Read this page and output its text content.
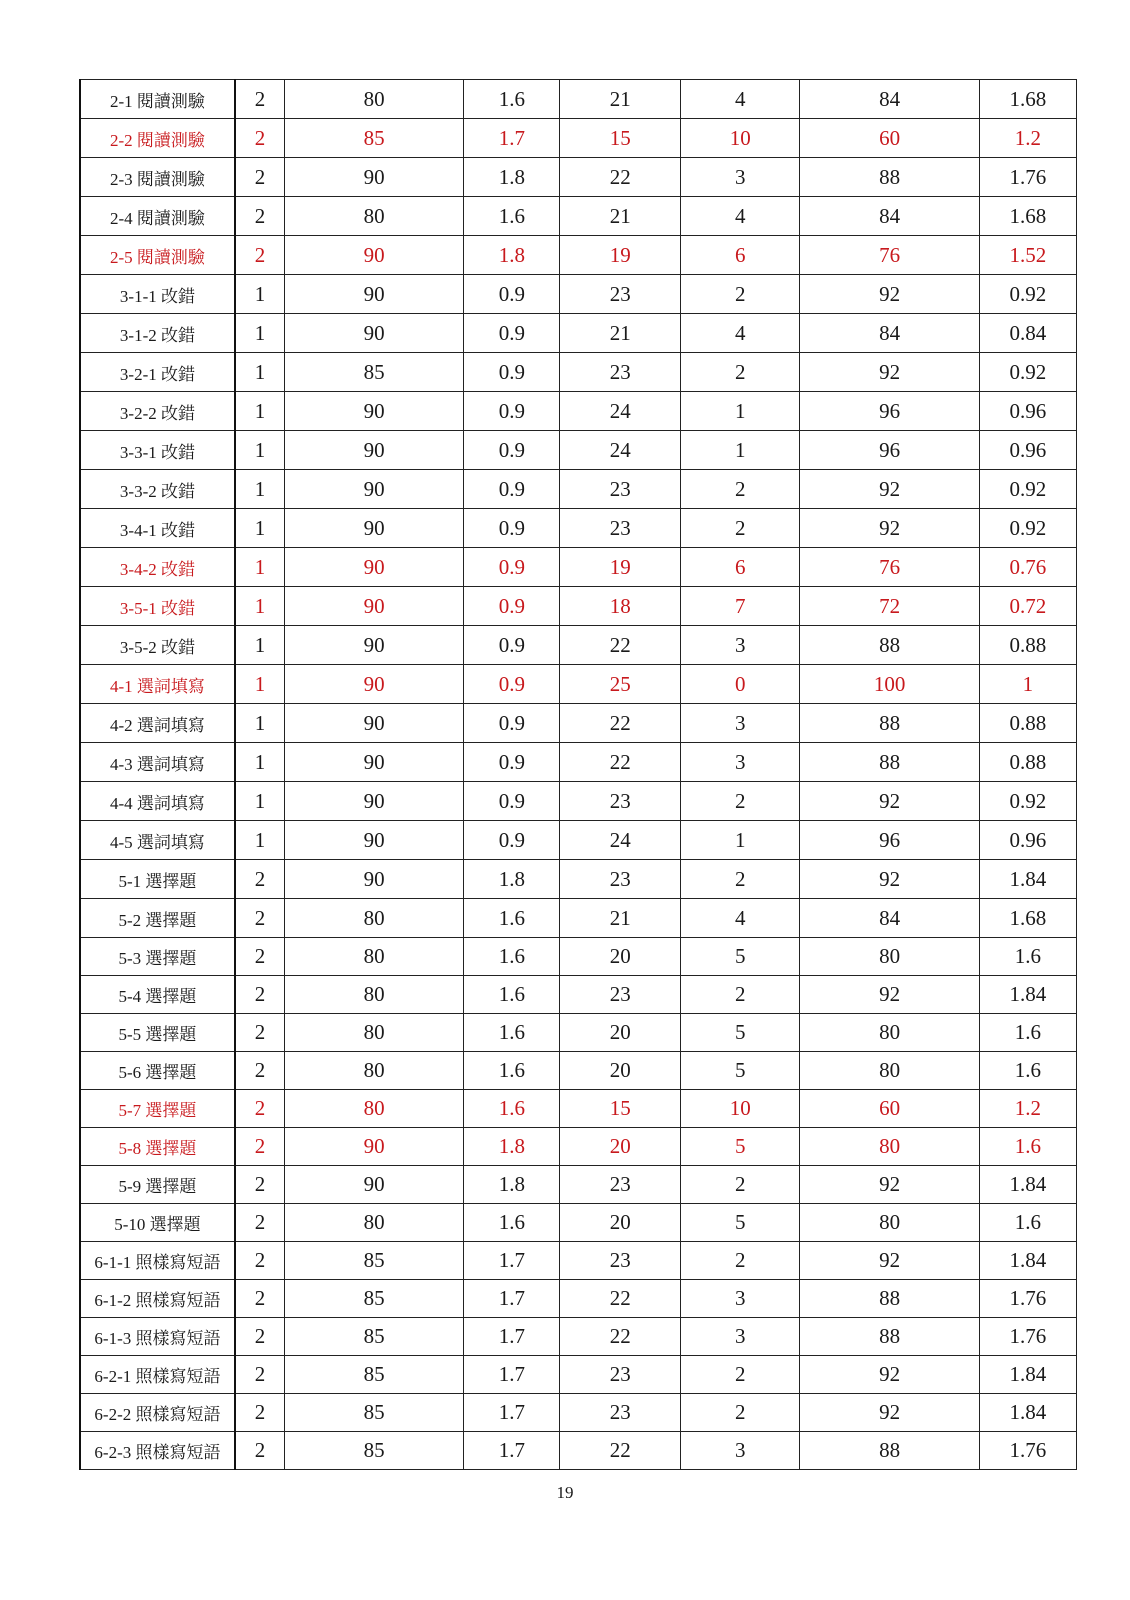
2-1 閱讀測驗	2	80	1.6	21	4	84	1.68
2-2 閱讀測驗	2	85	1.7	15	10	60	1.2
2-3 閱讀測驗	2	90	1.8	22	3	88	1.76
2-4 閱讀測驗	2	80	1.6	21	4	84	1.68
2-5 閱讀測驗	2	90	1.8	19	6	76	1.52
3-1-1 改錯	1	90	0.9	23	2	92	0.92
3-1-2 改錯	1	90	0.9	21	4	84	0.84
3-2-1 改錯	1	85	0.9	23	2	92	0.92
3-2-2 改錯	1	90	0.9	24	1	96	0.96
3-3-1 改錯	1	90	0.9	24	1	96	0.96
3-3-2 改錯	1	90	0.9	23	2	92	0.92
3-4-1 改錯	1	90	0.9	23	2	92	0.92
3-4-2 改錯	1	90	0.9	19	6	76	0.76
3-5-1 改錯	1	90	0.9	18	7	72	0.72
3-5-2 改錯	1	90	0.9	22	3	88	0.88
4-1 選詞填寫	1	90	0.9	25	0	100	1
4-2 選詞填寫	1	90	0.9	22	3	88	0.88
4-3 選詞填寫	1	90	0.9	22	3	88	0.88
4-4 選詞填寫	1	90	0.9	23	2	92	0.92
4-5 選詞填寫	1	90	0.9	24	1	96	0.96
5-1 選擇題	2	90	1.8	23	2	92	1.84
5-2 選擇題	2	80	1.6	21	4	84	1.68
5-3 選擇題	2	80	1.6	20	5	80	1.6
5-4 選擇題	2	80	1.6	23	2	92	1.84
5-5 選擇題	2	80	1.6	20	5	80	1.6
5-6 選擇題	2	80	1.6	20	5	80	1.6
5-7 選擇題	2	80	1.6	15	10	60	1.2
5-8 選擇題	2	90	1.8	20	5	80	1.6
5-9 選擇題	2	90	1.8	23	2	92	1.84
5-10 選擇題	2	80	1.6	20	5	80	1.6
6-1-1 照樣寫短語	2	85	1.7	23	2	92	1.84
6-1-2 照樣寫短語	2	85	1.7	22	3	88	1.76
6-1-3 照樣寫短語	2	85	1.7	22	3	88	1.76
6-2-1 照樣寫短語	2	85	1.7	23	2	92	1.84
6-2-2 照樣寫短語	2	85	1.7	23	2	92	1.84
6-2-3 照樣寫短語	2	85	1.7	22	3	88	1.76
19
